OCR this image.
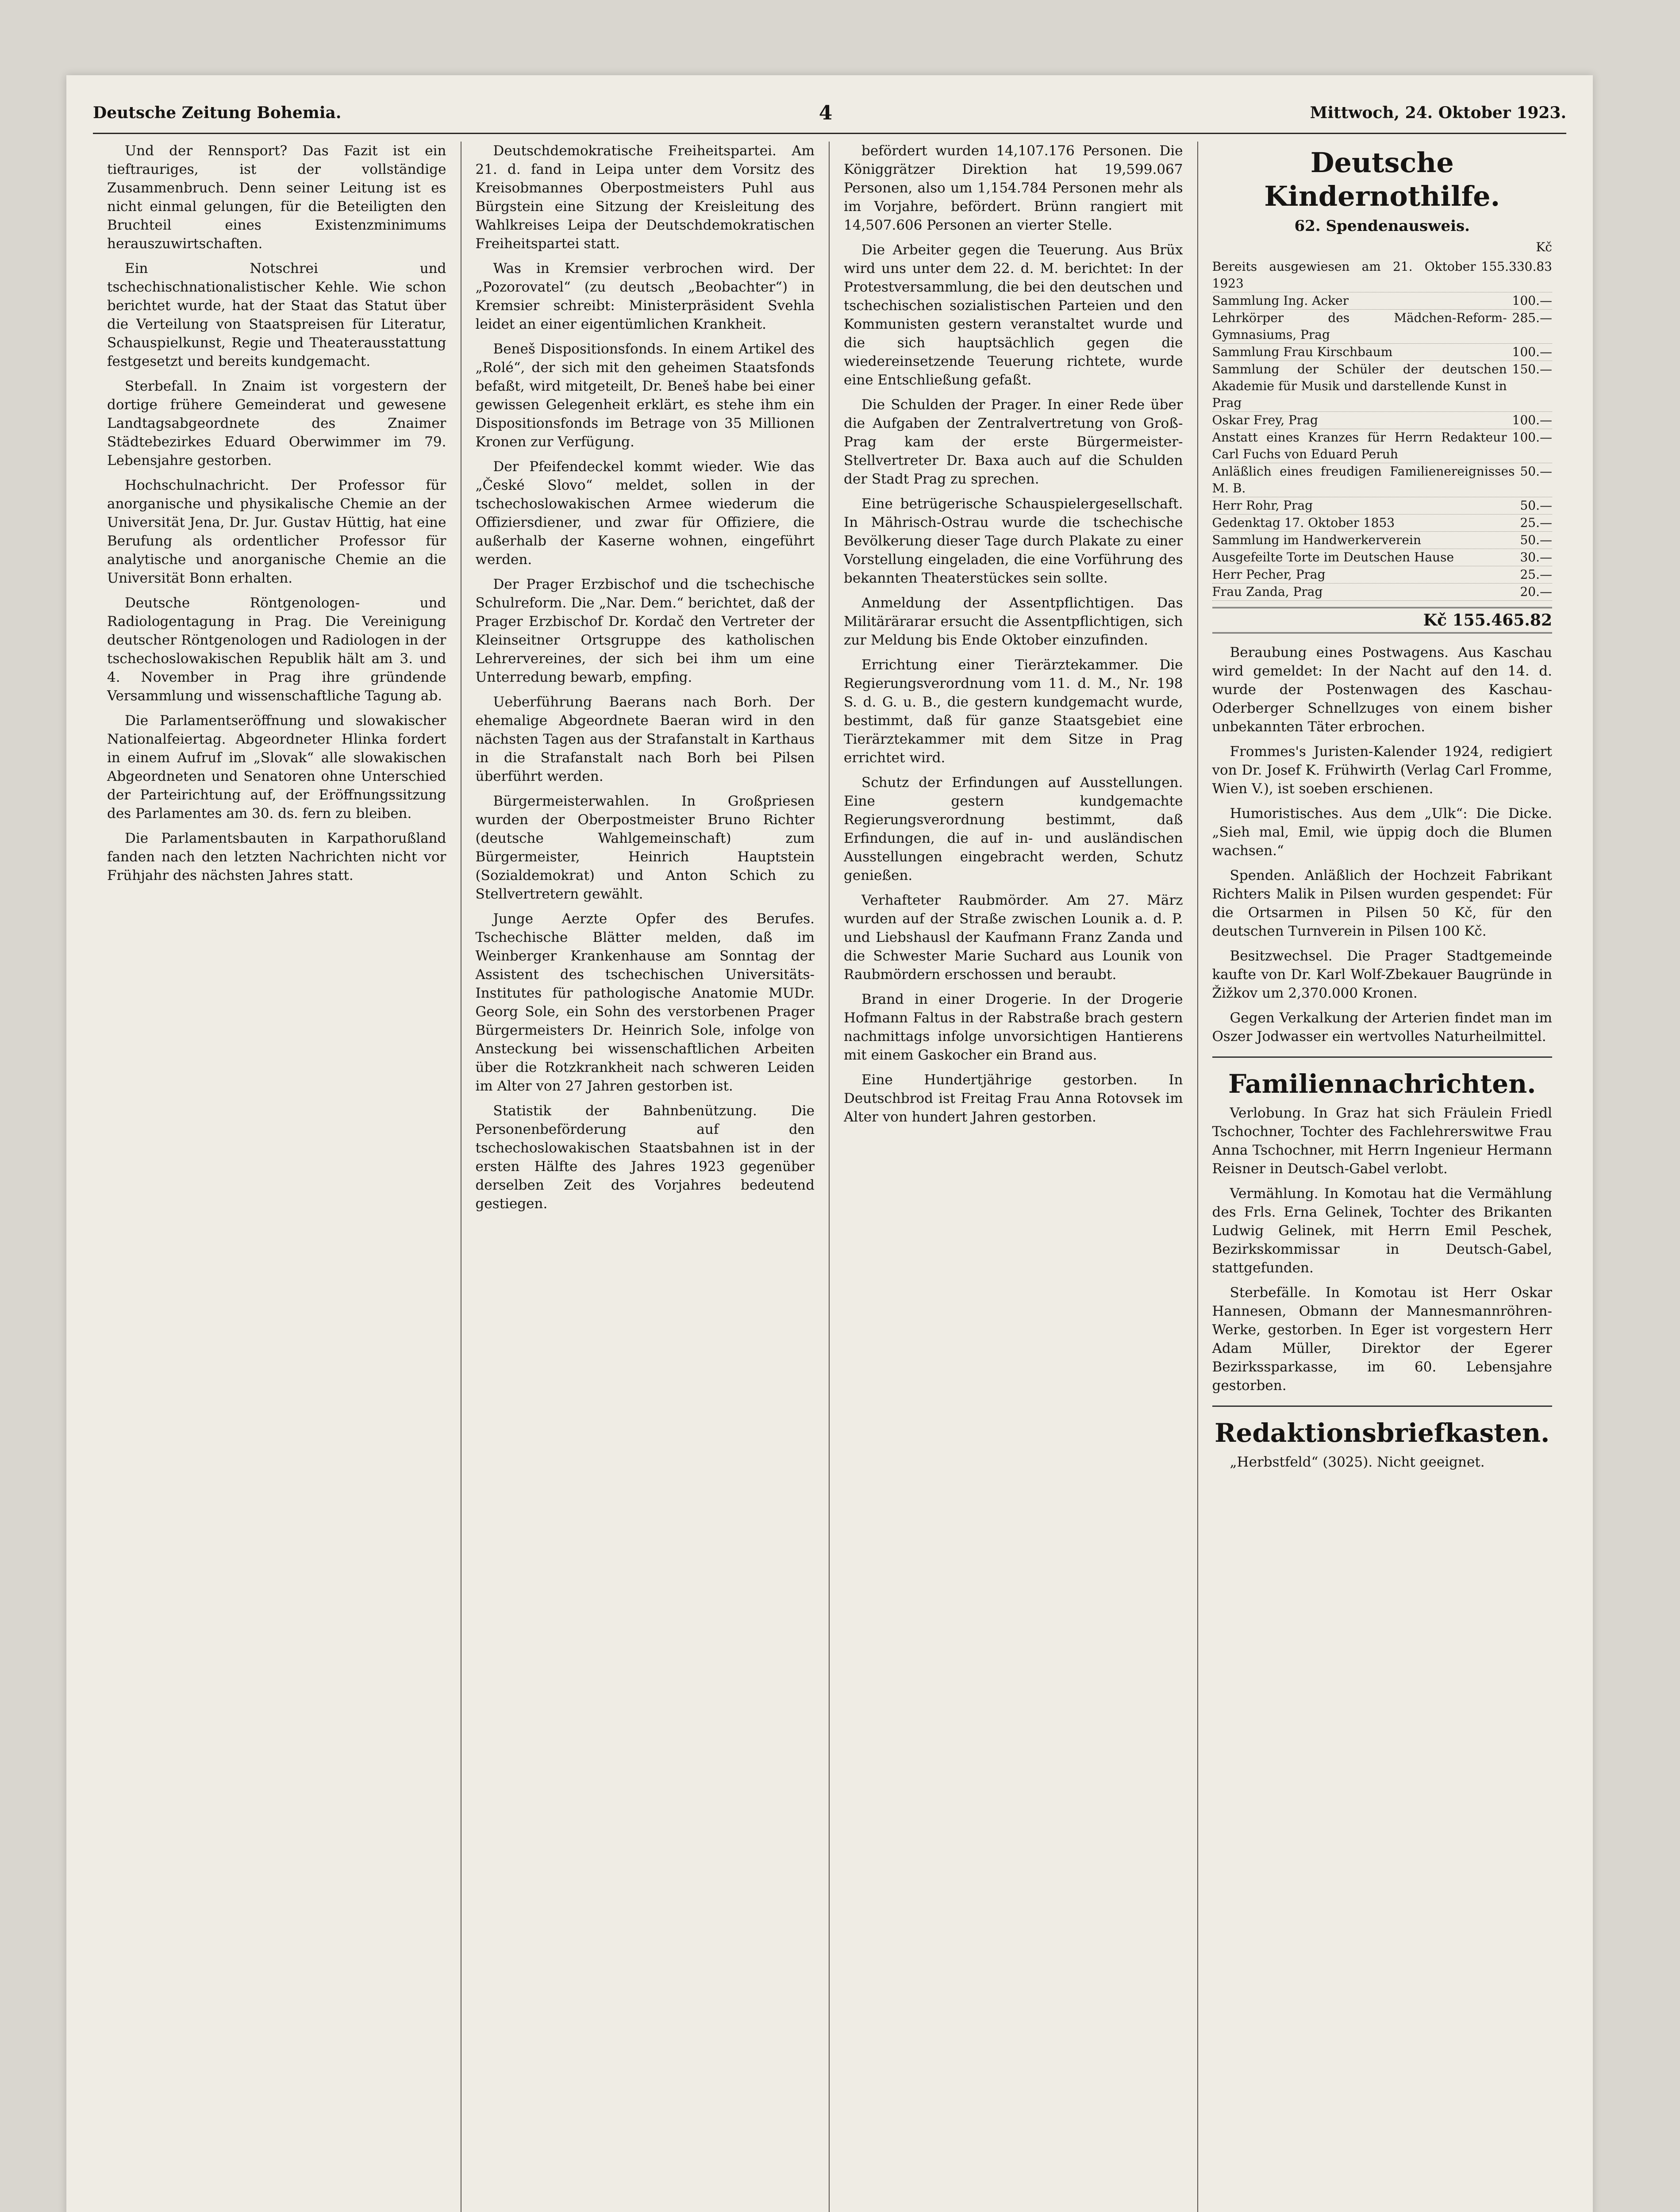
Deutsche Zeitung Bohemia.	4	Mittwoch, 24. Oktober 1923.

Und der Rennsport? Das Fazit ist ein tieftrauriges, ist der vollständige Zusammenbruch. Denn seiner Leitung ist es nicht einmal gelungen, für die Beteiligten den Bruchteil eines Existenzminimums herauszuwirtschaften.

Ein Notschrei und tschechischnationalistischer Kehle. Wie schon berichtet wurde, hat der Staat das Statut über die Verteilung von Staatspreisen für Literatur, Schauspielkunst, Regie und Theaterausstattung festgesetzt und bereits kundgemacht.

Sterbefall. In Znaim ist vorgestern der dortige frühere Gemeinderat und gewesene Landtagsabgeordnete des Znaimer Städtebezirkes Eduard Oberwimmer im 79. Lebensjahre gestorben.

Hochschulnachricht. Der Professor für anorganische und physikalische Chemie an der Universität Jena, Dr. Jur. Gustav Hüttig, hat eine Berufung als ordentlicher Professor für analytische und anorganische Chemie an die Universität Bonn erhalten.

Deutsche Röntgenologen- und Radiologentagung in Prag. Die Vereinigung deutscher Röntgenologen und Radiologen in der tschechoslowakischen Republik hält am 3. und 4. November in Prag ihre gründende Versammlung und wissenschaftliche Tagung ab.

Die Parlamentseröffnung und slowakischer Nationalfeiertag. Abgeordneter Hlinka fordert in einem Aufruf im „Slovak“ alle slowakischen Abgeordneten und Senatoren ohne Unterschied der Parteirichtung auf, der Eröffnungssitzung des Parlamentes am 30. ds. fern zu bleiben.

Die Parlamentsbauten in Karpathorußland fanden nach den letzten Nachrichten nicht vor Frühjahr des nächsten Jahres statt.

Deutschdemokratische Freiheitspartei. Am 21. d. fand in Leipa unter dem Vorsitz des Kreisobmannes Oberpostmeisters Puhl aus Bürgstein eine Sitzung der Kreisleitung des Wahlkreises Leipa der Deutschdemokratischen Freiheitspartei statt.

Was in Kremsier verbrochen wird. Der „Pozorovatel“ (zu deutsch „Beobachter“) in Kremsier schreibt: Ministerpräsident Svehla leidet an einer eigentümlichen Krankheit.

Beneš Dispositionsfonds. In einem Artikel des „Rolé“, der sich mit den geheimen Staatsfonds befaßt, wird mitgeteilt, Dr. Beneš habe bei einer gewissen Gelegenheit erklärt, es stehe ihm ein Dispositionsfonds im Betrage von 35 Millionen Kronen zur Verfügung.

Der Pfeifendeckel kommt wieder. Wie das „České Slovo“ meldet, sollen in der tschechoslowakischen Armee wiederum die Offiziersdiener, und zwar für Offiziere, die außerhalb der Kaserne wohnen, eingeführt werden.

Der Prager Erzbischof und die tschechische Schulreform. Die „Nar. Dem.“ berichtet, daß der Prager Erzbischof Dr. Kordač den Vertreter der Kleinseitner Ortsgruppe des katholischen Lehrervereines, der sich bei ihm um eine Unterredung bewarb, empfing.

Ueberführung Baerans nach Borh. Der ehemalige Abgeordnete Baeran wird in den nächsten Tagen aus der Strafanstalt in Karthaus in die Strafanstalt nach Borh bei Pilsen überführt werden.

Bürgermeisterwahlen. In Großpriesen wurden der Oberpostmeister Bruno Richter (deutsche Wahlgemeinschaft) zum Bürgermeister, Heinrich Hauptstein (Sozialdemokrat) und Anton Schich zu Stellvertretern gewählt.

Junge Aerzte Opfer des Berufes. Tschechische Blätter melden, daß im Weinberger Krankenhause am Sonntag der Assistent des tschechischen Universitäts-Institutes für pathologische Anatomie MUDr. Georg Sole, ein Sohn des verstorbenen Prager Bürgermeisters Dr. Heinrich Sole, infolge von Ansteckung bei wissenschaftlichen Arbeiten über die Rotzkrankheit nach schweren Leiden im Alter von 27 Jahren gestorben ist.

Statistik der Bahnbenützung. Die Personenbeförderung auf den tschechoslowakischen Staatsbahnen ist in der ersten Hälfte des Jahres 1923 gegenüber derselben Zeit des Vorjahres bedeutend gestiegen.

befördert wurden 14,107.176 Personen. Die Königgrätzer Direktion hat 19,599.067 Personen, also um 1,154.784 Personen mehr als im Vorjahre, befördert. Brünn rangiert mit 14,507.606 Personen an vierter Stelle.

Die Arbeiter gegen die Teuerung. Aus Brüx wird uns unter dem 22. d. M. berichtet: In der Protestversammlung, die bei den deutschen und tschechischen sozialistischen Parteien und den Kommunisten gestern veranstaltet wurde und die sich hauptsächlich gegen die wiedereinsetzende Teuerung richtete, wurde eine Entschließung gefaßt.

Die Schulden der Prager. In einer Rede über die Aufgaben der Zentralvertretung von Groß-Prag kam der erste Bürgermeister-Stellvertreter Dr. Baxa auch auf die Schulden der Stadt Prag zu sprechen.

Eine betrügerische Schauspielergesellschaft. In Mährisch-Ostrau wurde die tschechische Bevölkerung dieser Tage durch Plakate zu einer Vorstellung eingeladen, die eine Vorführung des bekannten Theaterstückes sein sollte.

Anmeldung der Assentpflichtigen. Das Militärärarar ersucht die Assentpflichtigen, sich zur Meldung bis Ende Oktober einzufinden.

Errichtung einer Tierärztekammer. Die Regierungsverordnung vom 11. d. M., Nr. 198 S. d. G. u. B., die gestern kundgemacht wurde, bestimmt, daß für ganze Staatsgebiet eine Tierärztekammer mit dem Sitze in Prag errichtet wird.

Schutz der Erfindungen auf Ausstellungen. Eine gestern kundgemachte Regierungsverordnung bestimmt, daß Erfindungen, die auf in- und ausländischen Ausstellungen eingebracht werden, Schutz genießen.

Verhafteter Raubmörder. Am 27. März wurden auf der Straße zwischen Lounik a. d. P. und Liebshausl der Kaufmann Franz Zanda und die Schwester Marie Suchard aus Lounik von Raubmördern erschossen und beraubt.

Brand in einer Drogerie. In der Drogerie Hofmann Faltus in der Rabstraße brach gestern nachmittags infolge unvorsichtigen Hantierens mit einem Gaskocher ein Brand aus.

Eine Hundertjährige gestorben. In Deutschbrod ist Freitag Frau Anna Rotovsek im Alter von hundert Jahren gestorben.

Deutsche Kindernothilfe.
62. Spendenausweis.
Kč
Bereits ausgewiesen am 21. Oktober 1923
155.330.83
Sammlung Ing. Acker	100.—
Lehrkörper des Mädchen-Reform-Gymnasiums, Prag
285.—
Sammlung Frau Kirschbaum	100.—
Sammlung der Schüler der deutschen Akademie für Musik und darstellende Kunst in Prag
150.—
Oskar Frey, Prag	100.—
Anstatt eines Kranzes für Herrn Redakteur Carl Fuchs von Eduard Peruh
100.—
Anläßlich eines freudigen Familienereignisses M. B.
50.—
Herr Rohr, Prag	50.—
Gedenktag 17. Oktober 1853	25.—
Sammlung im Handwerkerverein	50.—
Ausgefeilte Torte im Deutschen Hause	30.—
Herr Pecher, Prag	25.—
Frau Zanda, Prag	20.—
Kč 155.465.82

Beraubung eines Postwagens. Aus Kaschau wird gemeldet: In der Nacht auf den 14. d. wurde der Postenwagen des Kaschau-Oderberger Schnellzuges von einem bisher unbekannten Täter erbrochen.

Frommes's Juristen-Kalender 1924, redigiert von Dr. Josef K. Frühwirth (Verlag Carl Fromme, Wien V.), ist soeben erschienen.

Humoristisches. Aus dem „Ulk“: Die Dicke. „Sieh mal, Emil, wie üppig doch die Blumen wachsen.“

Spenden. Anläßlich der Hochzeit Fabrikant Richters Malik in Pilsen wurden gespendet: Für die Ortsarmen in Pilsen 50 Kč, für den deutschen Turnverein in Pilsen 100 Kč.

Besitzwechsel. Die Prager Stadtgemeinde kaufte von Dr. Karl Wolf-Zbekauer Baugründe in Žižkov um 2,370.000 Kronen.

Gegen Verkalkung der Arterien findet man im Oszer Jodwasser ein wertvolles Naturheilmittel.

Familiennachrichten.

Verlobung. In Graz hat sich Fräulein Friedl Tschochner, Tochter des Fachlehrerswitwe Frau Anna Tschochner, mit Herrn Ingenieur Hermann Reisner in Deutsch-Gabel verlobt.

Vermählung. In Komotau hat die Vermählung des Frls. Erna Gelinek, Tochter des Brikanten Ludwig Gelinek, mit Herrn Emil Peschek, Bezirkskommissar in Deutsch-Gabel, stattgefunden.

Sterbefälle. In Komotau ist Herr Oskar Hannesen, Obmann der Mannesmannröhren-Werke, gestorben. In Eger ist vorgestern Herr Adam Müller, Direktor der Egerer Bezirkssparkasse, im 60. Lebensjahre gestorben.

Redaktionsbriefkasten.

„Herbstfeld“ (3025). Nicht geeignet.
